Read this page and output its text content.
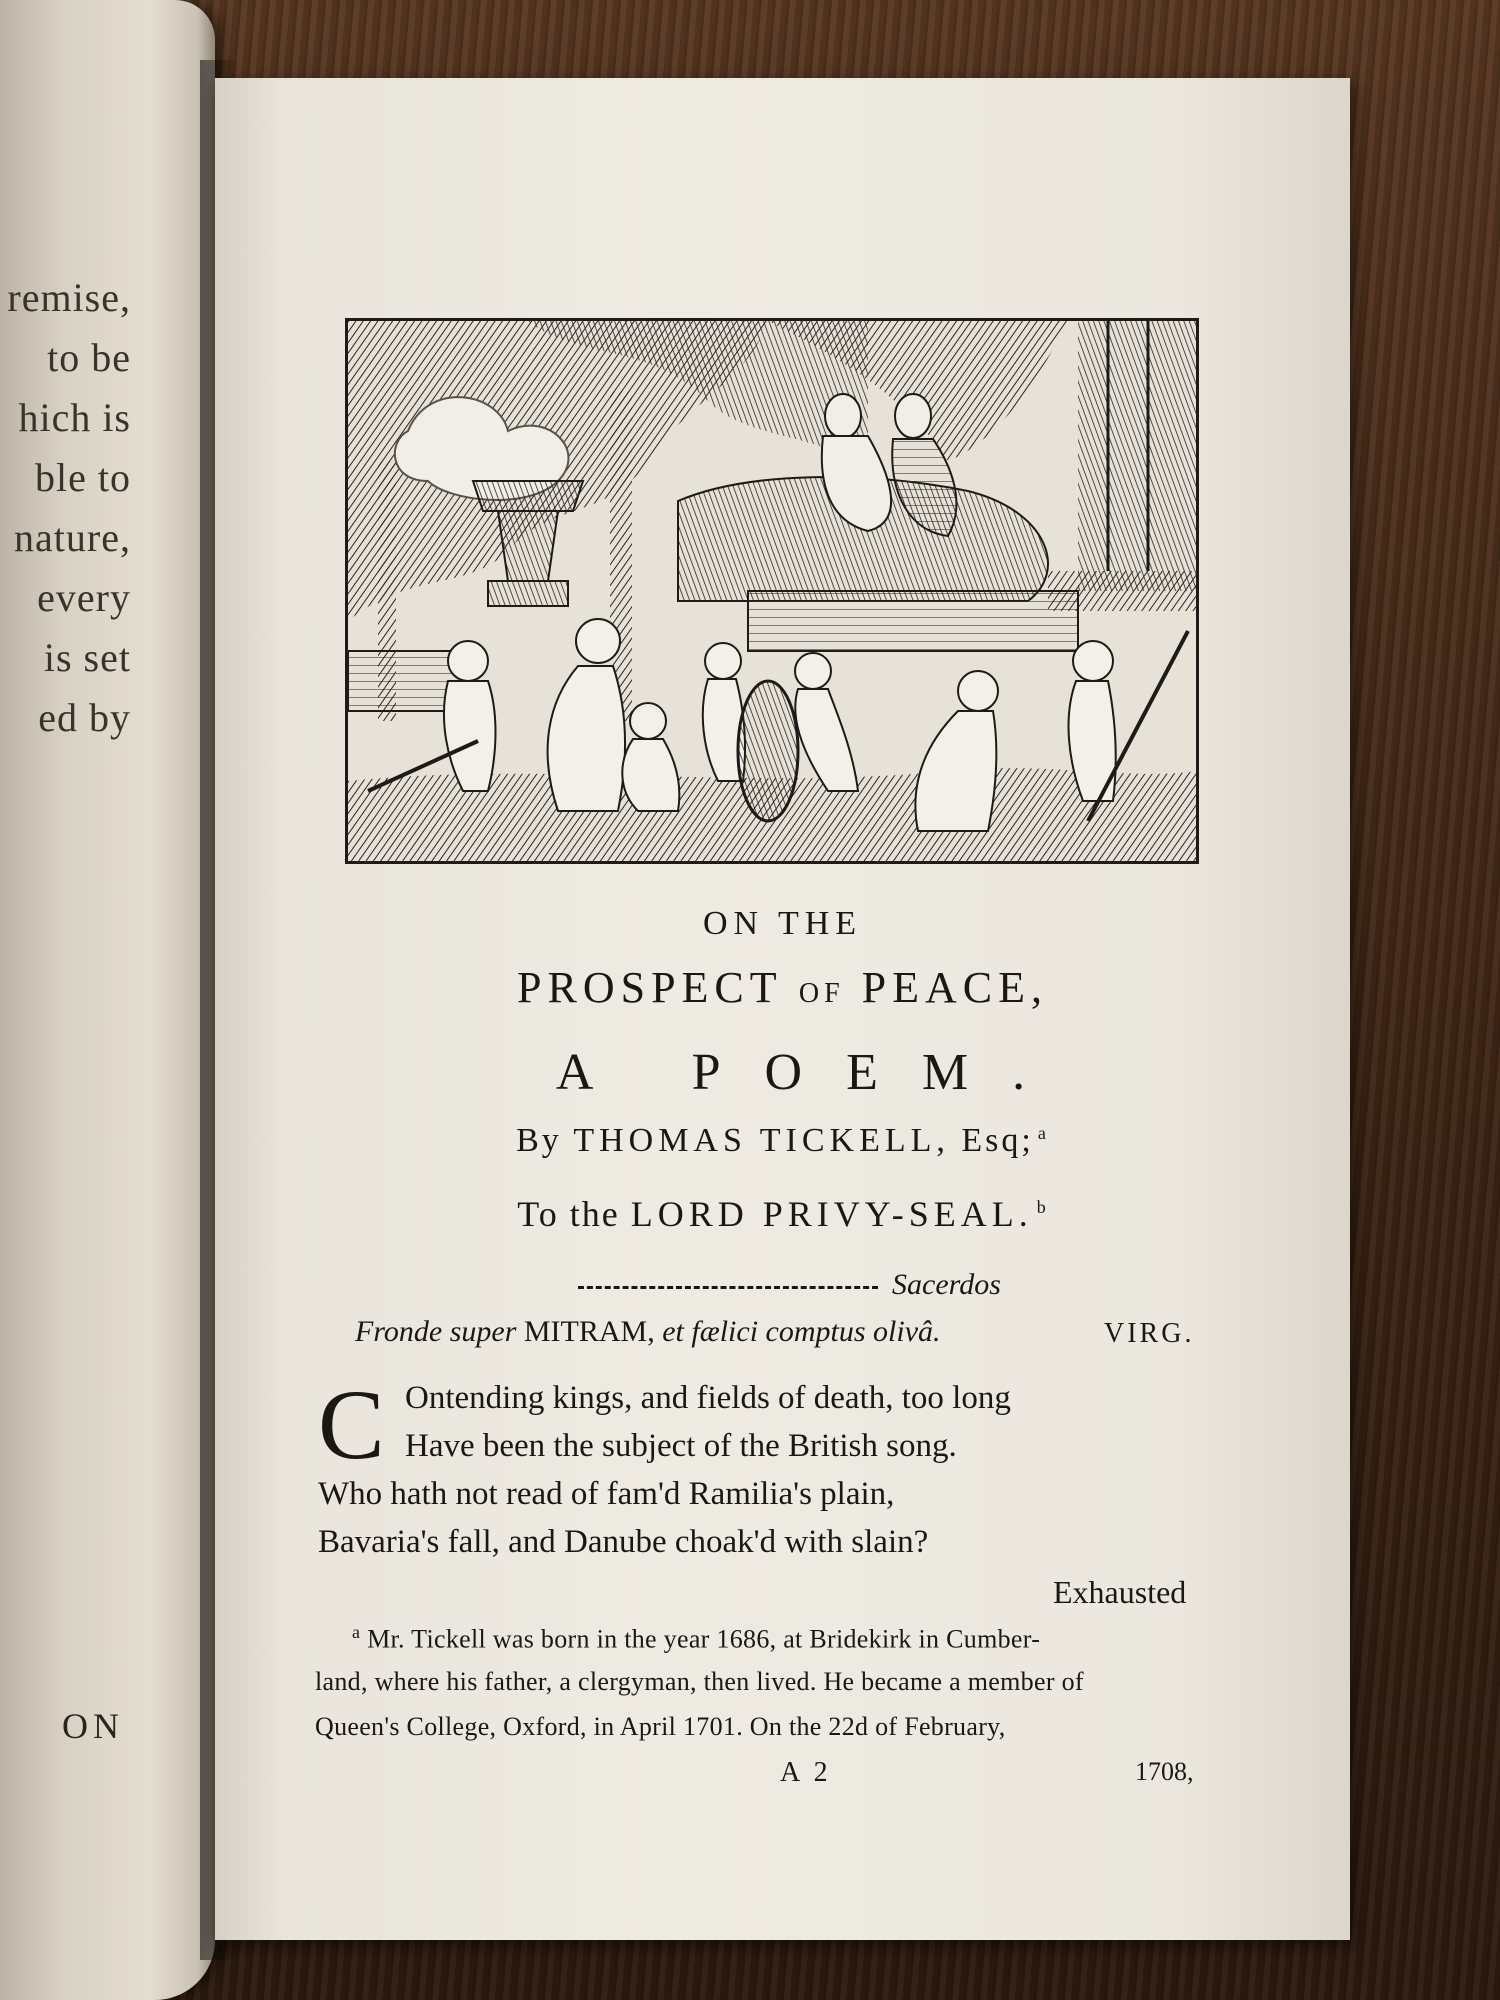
remise,
to be
hich is
ble to
nature,
every
is set
ed by
ON
ON THE
PROSPECT OF PEACE,
A POEM.
By THOMAS TICKELL, Esq; $^a$
To the LORD PRIVY-SEAL. $^b$
Sacerdos
Fronde super MITRAM, et fælici comptus olivâ.	VIRG.
C Ontending kings, and fields of death, too long
Have been the subject of the British song.
Who hath not read of fam'd Ramilia's plain,
Bavaria's fall, and Danube choak'd with slain?
Exhausted
$^a$ Mr. Tickell was born in the year 1686, at Bridekirk in Cumber-
land, where his father, a clergyman, then lived. He became a member of
Queen's College, Oxford, in April 1701. On the 22d of February,
A 2	1708,
